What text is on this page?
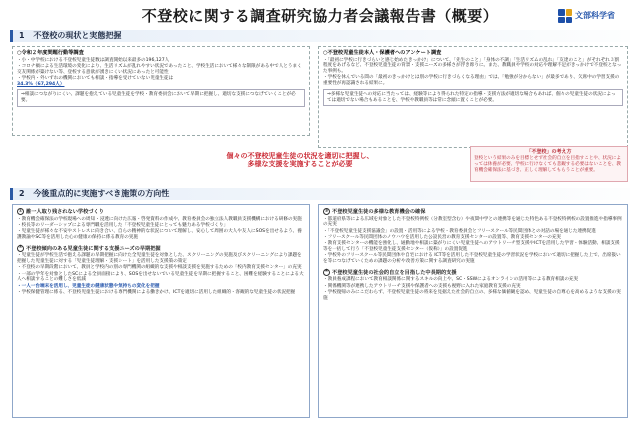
不登校に関する調査研究協力者会議報告書（概要）	文部科学省
1 不登校の現状と実態把握
○令和２年度問題行動等調査
・小・中学校における不登校児童生徒数は調査開始以来最多の196,127人
・コロナ禍による生活環境の変化により、生活リズムが乱れやすい状況であったこと、学校生活において様々な制限がある中で人とうまく交友関係が築けない等、登校する意欲が湧きにくい状況にあったと可能性
・学校内・外いずれの機関においても相談・指導を受けていない児童生徒は
34.3%（67,294人）
⇒相談につながりにくい、課題を抱えている児童生徒を学校・教育委員会において早期に把握し、適切な支援につなげていくことが必要。
○不登校児童生徒本人・保護者へのアンケート調査
・「最初に学校に行きづらいと感じ始めたきっかけ」について、「先生のこと」「身体の不調」「生活リズムの乱れ」「友達のこと」がそれぞれ３割程度をあげるなど、不登校児童生徒の背景・支援ニーズの多様さが浮き彫りに。また、教職員や学校の対応や理解不足がきっかけで不登校となった事例も。
・学校を休んでいる間の「最初のきっかけとは別の学校に行きづらくなる理由」では、「勉強が分からない」が最多であり、欠席中の学習支援の重要性が再認識される結果に。
⇒多様な児童生徒への対応に当たっては、経験等により得られた特定の指導・支援方法が適切な場合もあれば、個々の児童生徒の状況によっては適切でない場合もあることを、学校や教職員等は常に念頭に置くことが必要。
個々の不登校児童生徒の状況を適切に把握し、
多様な支援を実施することが必要
「不登校」の考え方
登校という結果のみを目標とせず社会的自立を目指すことや、状況によっては休養が必要、学校に行けなくても悲観する必要はないことを、教育機会確保法に基づき、正しく理解してもらうことが重要。
2 今後重点的に実施すべき施策の方向性
① 誰一人取り残されない学校づくり
・教育機会確保法の学校現場への周知・浸透に向けた広報・啓発資料の作成や、教育委員会の独立法人教職員支援機構における研修の実施
・校長等のリーダーシップによる専門職を活用した「不登校児童生徒にとっても魅力ある学校づくり」
・児童生徒が様々な不安やストレスに向き合い、自らの精神的な状況について理解し、安心して周囲の大人や友人にSOSを出せるよう、養護教諭やSC等を活用した心の健康の保持に係る教育の実施
② 不登校傾向のある児童生徒に関する支援ニーズの早期把握
・児童生徒が学校生活で抱える課題の早期把握に向けた全児童生徒を対象とした、スクリーニングの実施及びスクリーニングにより課題を把握した児童生徒に対する「児童生徒理解・支援シート」を活用した支援策の策定
・不登校の早期段階において、教員と学校内の別の専門機関の組織的な支援や相談支援を実施するための「校内教育支援センター」の充実
・一部の学年を対象としたSCによる全員面接により、SOSを出せないでいる児童生徒を早期に把握すること、困難を経験することによる大人へ相談することの難しさを低減
・一人一台端末を活用し、児童生徒の健康状態や気持ちの変化を把握
・学校保健管理に係る、不登校児童生徒における専門機関による働きかけ、ICTを適切に活用した組織的・客観的な児童生徒の状況把握
③ 不登校児童生徒の多様な教育機会の確保
・都道府県等による広域を対象とした不登校特例校（分教室型含む）や夜間中学との連携等を通じた特色ある不登校特例校の設置推進や指導事例の充実
・「不登校児童生徒支援協議会」の設置・活用等による学校・教育委員会とフリースクール等民間団体との対話の場を通じた連携促進
・フリースクール等民間団体のノウハウを活用した公設民営の教育支援センターの設置等、教育支援センターの充実
・教育支援センターの機能を強化し、通勤地や相談に築がりにくい児童生徒へのアウトリーチ型支援やICTを活用した学習・体験活動、相談支援等を一括して行う「不登校児童生徒支援センター（仮称）」の設置促進
・学校外のフリースクール等民間団体や自宅における ICT等を活用した不登校児童生徒の学習状況を学校において適切に把握した上で、出席扱いを等につなげていくための課題の分析や改善方策に関する調査研究の実施
④ 不登校児童生徒の社会的自立を目指した中長期的支援
・教員養成課程において教育相談関係に関するスキルの向上や、SC・SSWによるオンラインの活用等による教育相談の充実
・関係機関等が連携したアウトリーチ支援や保護者への支援も視野に入れた家庭教育支援の充実
・学校復帰のみにこだわらず、不登校児童生徒の将来を見据えた社会的自立の、多様な価値観を認め、児童生徒の自尊心を高めるような支援の実施
